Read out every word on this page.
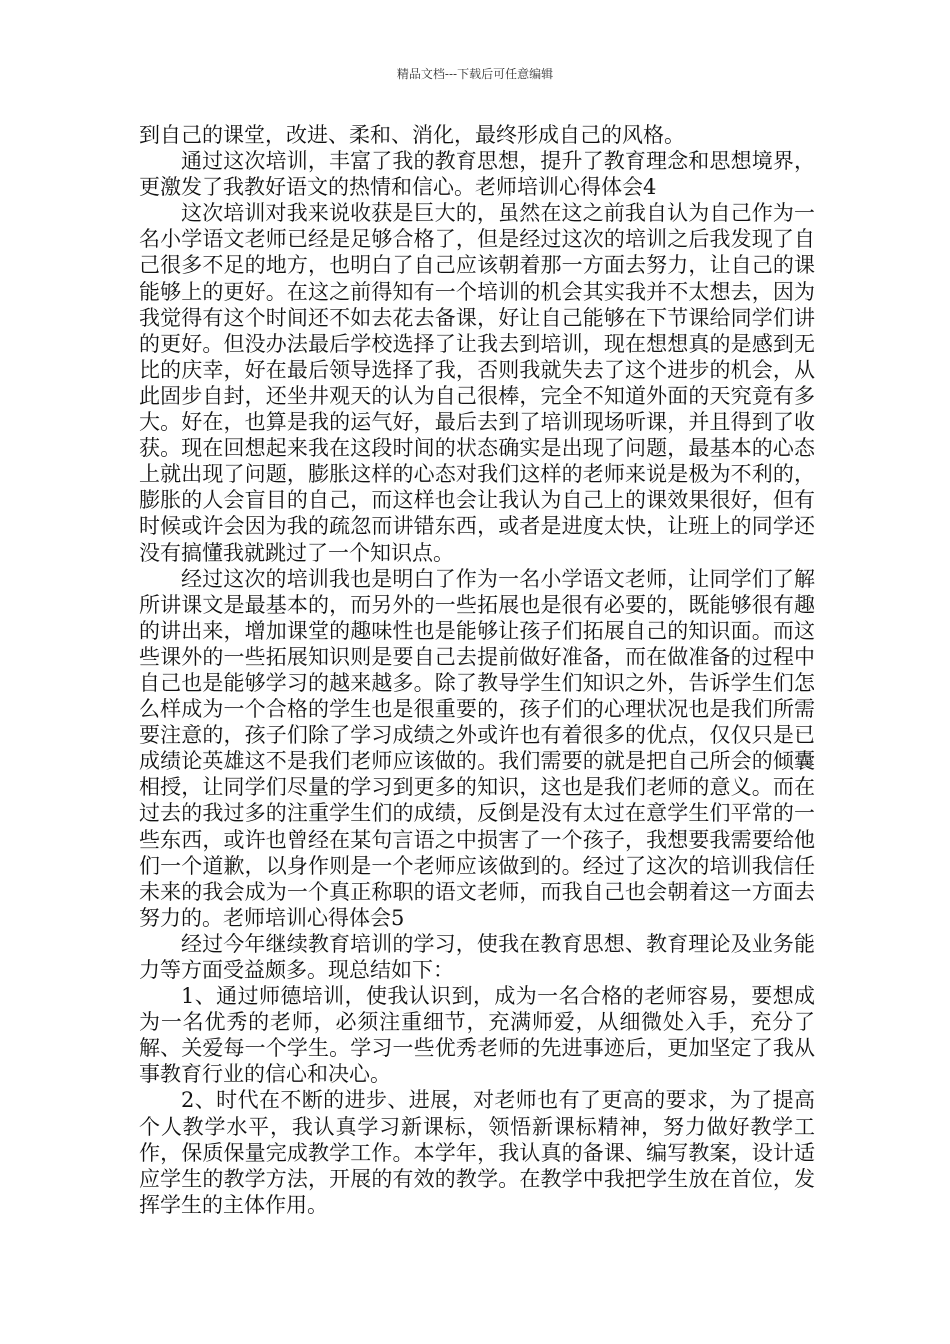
精品文档---下载后可任意编辑

到自己的课堂，改进、柔和、消化，最终形成自己的风格。

通过这次培训，丰富了我的教育思想，提升了教育理念和思想境界，更激发了我教好语文的热情和信心。老师培训心得体会4

这次培训对我来说收获是巨大的，虽然在这之前我自认为自己作为一名小学语文老师已经是足够合格了，但是经过这次的培训之后我发现了自己很多不足的地方，也明白了自己应该朝着那一方面去努力，让自己的课能够上的更好。在这之前得知有一个培训的机会其实我并不太想去，因为我觉得有这个时间还不如去花去备课，好让自己能够在下节课给同学们讲的更好。但没办法最后学校选择了让我去到培训，现在想想真的是感到无比的庆幸，好在最后领导选择了我，否则我就失去了这个进步的机会，从此固步自封，还坐井观天的认为自己很棒，完全不知道外面的天究竟有多大。好在，也算是我的运气好，最后去到了培训现场听课，并且得到了收获。现在回想起来我在这段时间的状态确实是出现了问题，最基本的心态上就出现了问题，膨胀这样的心态对我们这样的老师来说是极为不利的，膨胀的人会盲目的自己，而这样也会让我认为自己上的课效果很好，但有时候或许会因为我的疏忽而讲错东西，或者是进度太快，让班上的同学还没有搞懂我就跳过了一个知识点。

经过这次的培训我也是明白了作为一名小学语文老师，让同学们了解所讲课文是最基本的，而另外的一些拓展也是很有必要的，既能够很有趣的讲出来，增加课堂的趣味性也是能够让孩子们拓展自己的知识面。而这些课外的一些拓展知识则是要自己去提前做好准备，而在做准备的过程中自己也是能够学习的越来越多。除了教导学生们知识之外，告诉学生们怎么样成为一个合格的学生也是很重要的，孩子们的心理状况也是我们所需要注意的，孩子们除了学习成绩之外或许也有着很多的优点，仅仅只是已成绩论英雄这不是我们老师应该做的。我们需要的就是把自己所会的倾囊相授，让同学们尽量的学习到更多的知识，这也是我们老师的意义。而在过去的我过多的注重学生们的成绩，反倒是没有太过在意学生们平常的一些东西，或许也曾经在某句言语之中损害了一个孩子，我想要我需要给他们一个道歉，以身作则是一个老师应该做到的。经过了这次的培训我信任未来的我会成为一个真正称职的语文老师，而我自己也会朝着这一方面去努力的。老师培训心得体会5

经过今年继续教育培训的学习，使我在教育思想、教育理论及业务能力等方面受益颇多。现总结如下：

1、通过师德培训，使我认识到，成为一名合格的老师容易，要想成为一名优秀的老师，必须注重细节，充满师爱，从细微处入手，充分了解、关爱每一个学生。学习一些优秀老师的先进事迹后，更加坚定了我从事教育行业的信心和决心。

2、时代在不断的进步、进展，对老师也有了更高的要求，为了提高个人教学水平，我认真学习新课标，领悟新课标精神，努力做好教学工作，保质保量完成教学工作。本学年，我认真的备课、编写教案，设计适应学生的教学方法，开展的有效的教学。在教学中我把学生放在首位，发挥学生的主体作用。
